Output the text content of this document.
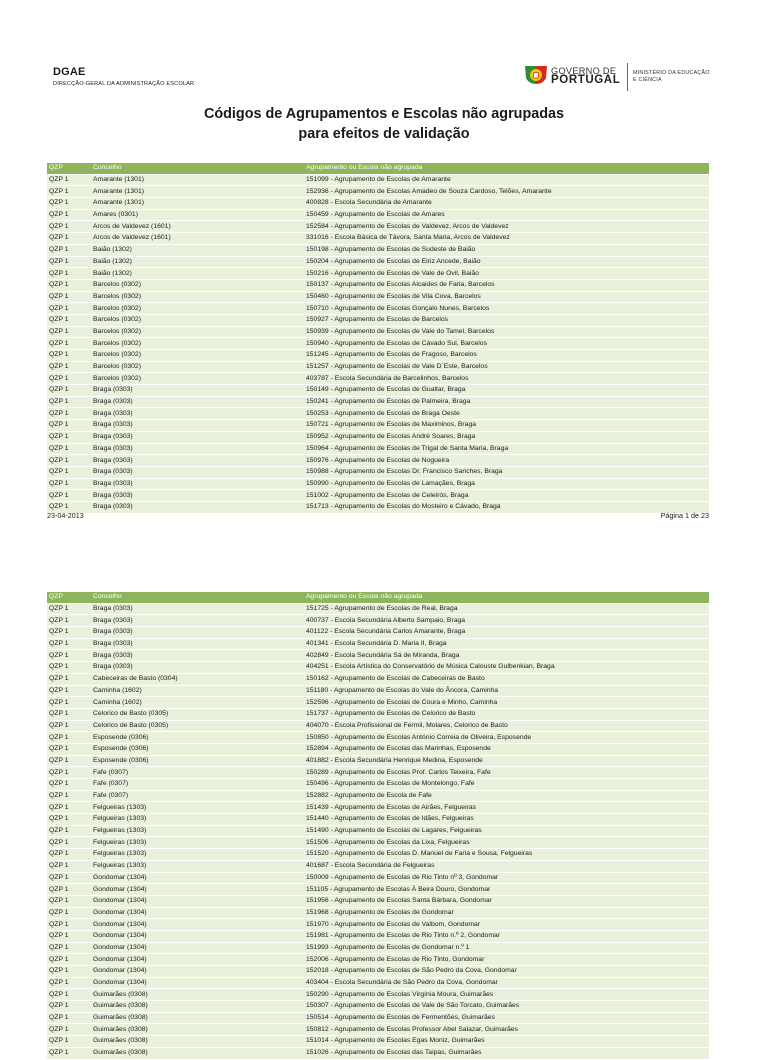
DGAE
DIRECÇÃO-GERAL DA ADMINISTRAÇÃO ESCOLAR
GOVERNO DE
PORTUGAL
MINISTÉRIO DA EDUCAÇÃO
E CIÊNCIA
Códigos de Agrupamentos e Escolas não agrupadas
para efeitos de validação
QZP	Concelho	Agrupamento ou Escola não agrupada
QZP 1	Amarante (1301)	151099 - Agrupamento de Escolas de Amarante
QZP 1	Amarante (1301)	152936 - Agrupamento de Escolas Amadeo de Souza Cardoso, Telões, Amarante
QZP 1	Amarante (1301)	400828 - Escola Secundária de Amarante
QZP 1	Amares (0301)	150459 - Agrupamento de Escolas de Amares
QZP 1	Arcos de Valdevez (1601)	152584 - Agrupamento de Escolas de Valdevez, Arcos de Valdevez
QZP 1	Arcos de Valdevez (1601)	331016 - Escola Básica de Távora, Santa Maria, Arcos de Valdevez
QZP 1	Baião (1302)	150198 - Agrupamento de Escolas de Sudeste de Baião
QZP 1	Baião (1302)	150204 - Agrupamento de Escolas de Eiriz Ancede, Baião
QZP 1	Baião (1302)	150216 - Agrupamento de Escolas de Vale de Ovil, Baião
QZP 1	Barcelos (0302)	150137 - Agrupamento de Escolas Alcaides de Faria, Barcelos
QZP 1	Barcelos (0302)	150460 - Agrupamento de Escolas de Vila Cova, Barcelos
QZP 1	Barcelos (0302)	150710 - Agrupamento de Escolas Gonçalo Nunes, Barcelos
QZP 1	Barcelos (0302)	150927 - Agrupamento de Escolas de Barcelos
QZP 1	Barcelos (0302)	150939 - Agrupamento de Escolas de Vale do Tamel, Barcelos
QZP 1	Barcelos (0302)	150940 - Agrupamento de Escolas de Cávado Sul, Barcelos
QZP 1	Barcelos (0302)	151245 - Agrupamento de Escolas de Fragoso, Barcelos
QZP 1	Barcelos (0302)	151257 - Agrupamento de Escolas de Vale D`Este, Barcelos
QZP 1	Barcelos (0302)	403787 - Escola Secundária de Barcelinhos, Barcelos
QZP 1	Braga (0303)	150149 - Agrupamento de Escolas de Gualtar, Braga
QZP 1	Braga (0303)	150241 - Agrupamento de Escolas de Palmeira, Braga
QZP 1	Braga (0303)	150253 - Agrupamento de Escolas de Braga Oeste
QZP 1	Braga (0303)	150721 - Agrupamento de Escolas de Maximinos, Braga
QZP 1	Braga (0303)	150952 - Agrupamento de Escolas André Soares, Braga
QZP 1	Braga (0303)	150964 - Agrupamento de Escolas de Trigal de Santa Maria, Braga
QZP 1	Braga (0303)	150976 - Agrupamento de Escolas de Nogueira
QZP 1	Braga (0303)	150988 - Agrupamento de Escolas Dr. Francisco Sanches, Braga
QZP 1	Braga (0303)	150990 - Agrupamento de Escolas de Lamaçães, Braga
QZP 1	Braga (0303)	151002 - Agrupamento de Escolas de Celeirós, Braga
QZP 1	Braga (0303)	151713 - Agrupamento de Escolas do Mosteiro e Cávado, Braga
23-04-2013	Página 1 de 23
QZP	Concelho	Agrupamento ou Escola não agrupada
QZP 1	Braga (0303)	151725 - Agrupamento de Escolas de Real, Braga
QZP 1	Braga (0303)	400737 - Escola Secundária Alberto Sampaio, Braga
QZP 1	Braga (0303)	401122 - Escola Secundária Carlos Amarante, Braga
QZP 1	Braga (0303)	401341 - Escola Secundária D. Maria II, Braga
QZP 1	Braga (0303)	402849 - Escola Secundária Sá de Miranda, Braga
QZP 1	Braga (0303)	404251 - Escola Artística do Conservatório de Música Calouste Gulbenkian, Braga
QZP 1	Cabeceiras de Basto (0304)	150162 - Agrupamento de Escolas de Cabeceiras de Basto
QZP 1	Caminha (1602)	151180 - Agrupamento de Escolas do Vale do Âncora, Caminha
QZP 1	Caminha (1602)	152596 - Agrupamento de Escolas de Coura e Minho, Caminha
QZP 1	Celorico de Basto (0305)	151737 - Agrupamento de Escolas de Celorico de Basto
QZP 1	Celorico de Basto (0305)	404070 - Escola Profissional de Fermil, Molares, Celorico de Basto
QZP 1	Esposende (0306)	150850 - Agrupamento de Escolas António Correia de Oliveira, Esposende
QZP 1	Esposende (0306)	152894 - Agrupamento de Escolas das Marinhas, Esposende
QZP 1	Esposende (0306)	401882 - Escola Secundária Henrique Medina, Esposende
QZP 1	Fafe (0307)	150289 - Agrupamento de Escolas Prof. Carlos Teixeira, Fafe
QZP 1	Fafe (0307)	150496 - Agrupamento de Escolas de Montelongo, Fafe
QZP 1	Fafe (0307)	152882 - Agrupamento de Escola de Fafe
QZP 1	Felgueiras (1303)	151439 - Agrupamento de Escolas de Airães, Felgueiras
QZP 1	Felgueiras (1303)	151440 - Agrupamento de Escolas de Idães, Felgueiras
QZP 1	Felgueiras (1303)	151490 - Agrupamento de Escolas de Lagares, Felgueiras
QZP 1	Felgueiras (1303)	151506 - Agrupamento de Escolas da Lixa, Felgueiras
QZP 1	Felgueiras (1303)	151520 - Agrupamento de Escolas D. Manuel de Faria e Sousa, Felgueiras
QZP 1	Felgueiras (1303)	401687 - Escola Secundária de Felgueiras
QZP 1	Gondomar (1304)	150009 - Agrupamento de Escolas de Rio Tinto nº 3, Gondomar
QZP 1	Gondomar (1304)	151105 - Agrupamento de Escolas À Beira Douro, Gondomar
QZP 1	Gondomar (1304)	151956 - Agrupamento de Escolas Santa Bárbara, Gondomar
QZP 1	Gondomar (1304)	151968 - Agrupamento de Escolas de Gondomar
QZP 1	Gondomar (1304)	151970 - Agrupamento de Escolas de Valbom, Gondomar
QZP 1	Gondomar (1304)	151981 - Agrupamento de Escolas de Rio Tinto n.º 2, Gondomar
QZP 1	Gondomar (1304)	151993 - Agrupamento de Escolas de Gondomar n.º 1
QZP 1	Gondomar (1304)	152006 - Agrupamento de Escolas de Rio Tinto, Gondomar
QZP 1	Gondomar (1304)	152018 - Agrupamento de Escolas de São Pedro da Cova, Gondomar
QZP 1	Gondomar (1304)	403404 - Escola Secundária de São Pedro da Cova, Gondomar
QZP 1	Guimarães (0308)	150290 - Agrupamento de Escolas Virgínia Moura, Guimarães
QZP 1	Guimarães (0308)	150307 - Agrupamento de Escolas de Vale de São Torcato, Guimarães
QZP 1	Guimarães (0308)	150514 - Agrupamento de Escolas de Fermentões, Guimarães
QZP 1	Guimarães (0308)	150812 - Agrupamento de Escolas Professor Abel Salazar, Guimarães
QZP 1	Guimarães (0308)	151014 - Agrupamento de Escolas Egas Moniz, Guimarães
QZP 1	Guimarães (0308)	151026 - Agrupamento de Escolas das Taipas, Guimarães
